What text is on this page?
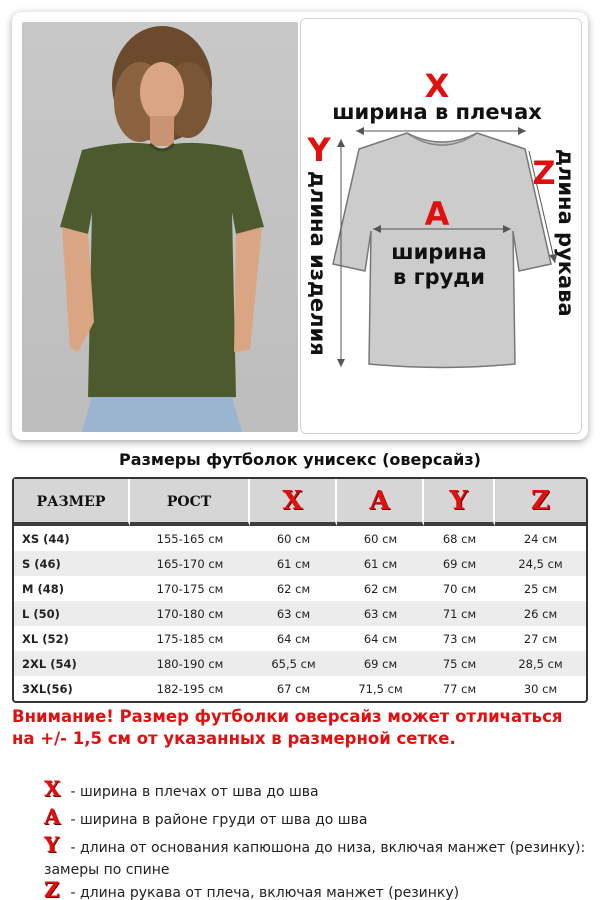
X
ширина в плечах
Y
длина изделия	Z
длина рукава
A
ширина
в груди
Размеры футболок унисекс (оверсайз)
РАЗМЕР	РОСТ	X	A	Y	Z
XS (44)	155-165 см	60 см	60 см	68 см	24 см
S (46)	165-170 см	61 см	61 см	69 см	24,5 см
M (48)	170-175 см	62 см	62 см	70 см	25 см
L (50)	170-180 см	63 см	63 см	71 см	26 см
XL (52)	175-185 см	64 см	64 см	73 см	27 см
2XL (54)	180-190 см	65,5 см	69 см	75 см	28,5 см
3XL(56)	182-195 см	67 см	71,5 см	77 см	30 см
Внимание! Размер футболки оверсайз может отличаться на +/- 1,5 см от указанных в размерной сетке.
X - ширина в плечах от шва до шва
A - ширина в районе груди от шва до шва
Y - длина от основания капюшона до низа, включая манжет (резинку): замеры по спине
Z - длина рукава от плеча, включая манжет (резинку)
